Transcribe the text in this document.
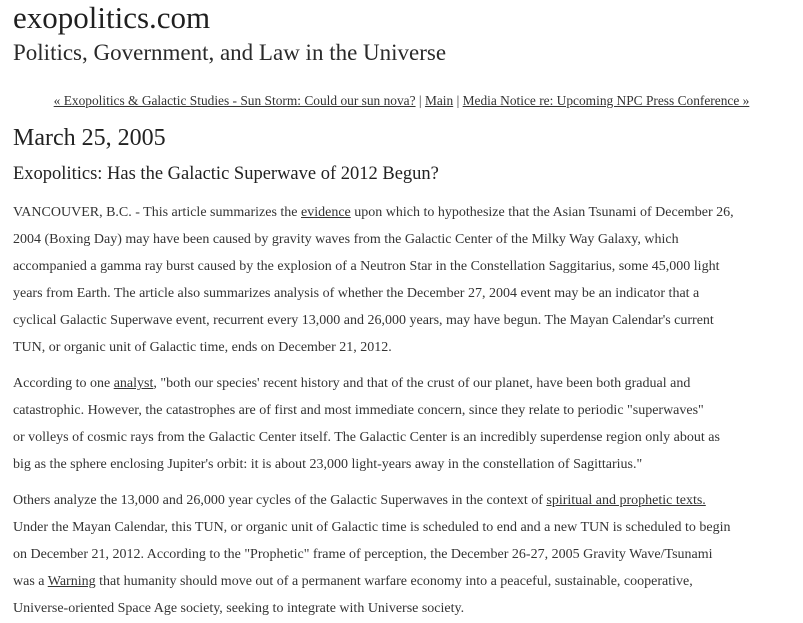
exopolitics.com
Politics, Government, and Law in the Universe
« Exopolitics & Galactic Studies - Sun Storm: Could our sun nova? | Main | Media Notice re: Upcoming NPC Press Conference »
March 25, 2005
Exopolitics: Has the Galactic Superwave of 2012 Begun?

VANCOUVER, B.C. - This article summarizes the evidence upon which to hypothesize that the Asian Tsunami of December 26,

2004 (Boxing Day) may have been caused by gravity waves from the Galactic Center of the Milky Way Galaxy, which

accompanied a gamma ray burst caused by the explosion of a Neutron Star in the Constellation Saggitarius, some 45,000 light

years from Earth. The article also summarizes analysis of whether the December 27, 2004 event may be an indicator that a

cyclical Galactic Superwave event, recurrent every 13,000 and 26,000 years, may have begun. The Mayan Calendar's current

TUN, or organic unit of Galactic time, ends on December 21, 2012.

According to one analyst, "both our species' recent history and that of the crust of our planet, have been both gradual and

catastrophic. However, the catastrophes are of first and most immediate concern, since they relate to periodic "superwaves"

or volleys of cosmic rays from the Galactic Center itself. The Galactic Center is an incredibly superdense region only about as

big as the sphere enclosing Jupiter's orbit: it is about 23,000 light-years away in the constellation of Sagittarius."

Others analyze the 13,000 and 26,000 year cycles of the Galactic Superwaves in the context of spiritual and prophetic texts.

Under the Mayan Calendar, this TUN, or organic unit of Galactic time is scheduled to end and a new TUN is scheduled to begin

on December 21, 2012. According to the "Prophetic" frame of perception, the December 26-27, 2005 Gravity Wave/Tsunami

was a Warning that humanity should move out of a permanent warfare economy into a peaceful, sustainable, cooperative,

Universe-oriented Space Age society, seeking to integrate with Universe society.
